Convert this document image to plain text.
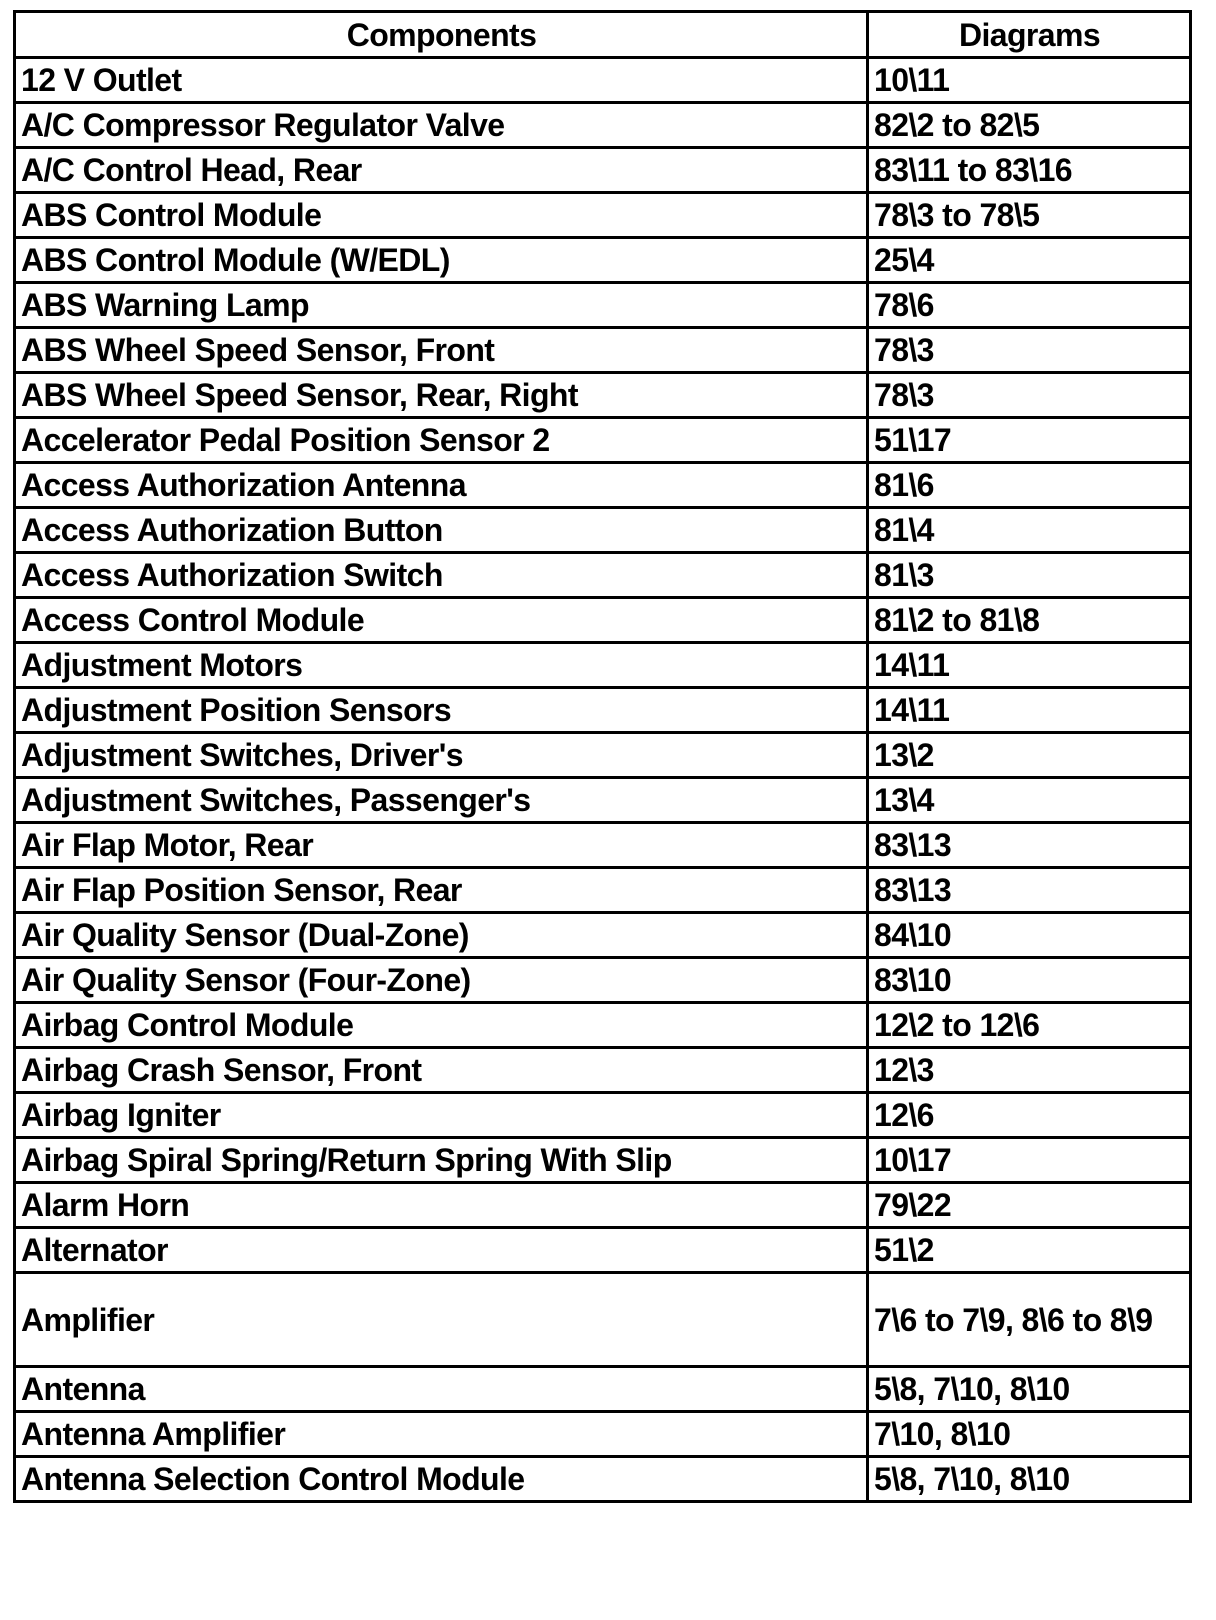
Components	Diagrams
12 V Outlet	10\11
A/C Compressor Regulator Valve	82\2 to 82\5
A/C Control Head, Rear	83\11 to 83\16
ABS Control Module	78\3 to 78\5
ABS Control Module (W/EDL)	25\4
ABS Warning Lamp	78\6
ABS Wheel Speed Sensor, Front	78\3
ABS Wheel Speed Sensor, Rear, Right	78\3
Accelerator Pedal Position Sensor 2	51\17
Access Authorization Antenna	81\6
Access Authorization Button	81\4
Access Authorization Switch	81\3
Access Control Module	81\2 to 81\8
Adjustment Motors	14\11
Adjustment Position Sensors	14\11
Adjustment Switches, Driver's	13\2
Adjustment Switches, Passenger's	13\4
Air Flap Motor, Rear	83\13
Air Flap Position Sensor, Rear	83\13
Air Quality Sensor (Dual-Zone)	84\10
Air Quality Sensor (Four-Zone)	83\10
Airbag Control Module	12\2 to 12\6
Airbag Crash Sensor, Front	12\3
Airbag Igniter	12\6
Airbag Spiral Spring/Return Spring With Slip	10\17
Alarm Horn	79\22
Alternator	51\2
Amplifier	7\6 to 7\9, 8\6 to 8\9
Antenna	5\8, 7\10, 8\10
Antenna Amplifier	7\10, 8\10
Antenna Selection Control Module	5\8, 7\10, 8\10
